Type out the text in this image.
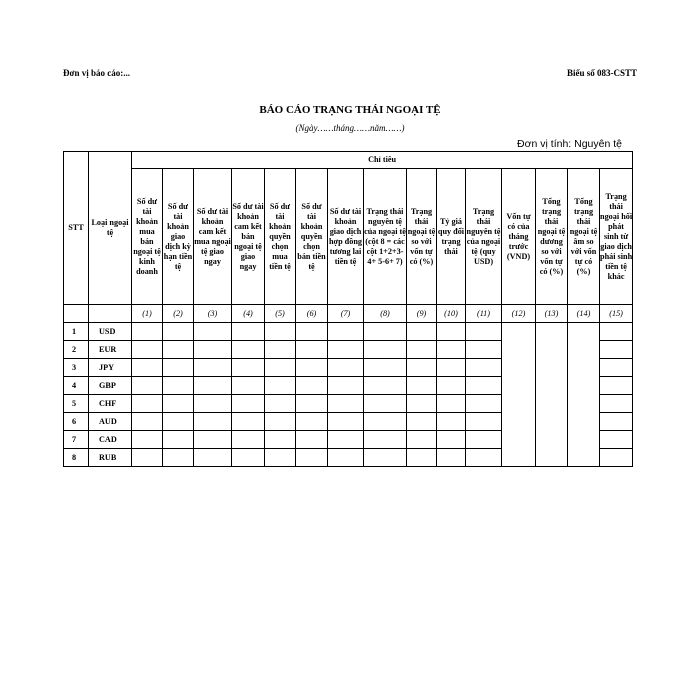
Đơn vị báo cáo:...	Biểu số 083-CSTT
BÁO CÁO TRẠNG THÁI NGOẠI TỆ
(Ngày……tháng……năm……)
Đơn vị tính: Nguyên tệ
STT	Loại ngoại tệ	Chỉ tiêu														
		Số dư tài khoản mua bán ngoại tệ kinh doanh	Số dư tài khoản giao dịch kỳ hạn tiền tệ	Số dư tài khoản cam kết mua ngoại tệ giao ngay	Số dư tài khoản cam kết bán ngoại tệ giao ngay	Số dư tài khoản quyền chọn mua tiền tệ	Số dư tài khoản quyền chọn bán tiền tệ	Số dư tài khoản giao dịch hợp đồng tương lai tiền tệ	Trạng thái nguyên tệ của ngoại tệ (cột 8 = các cột 1+2+3-4+ 5-6+ 7)	Trạng thái ngoại tệ so với vốn tự có (%)	Tỷ giá quy đổi trạng thái	Trạng thái nguyên tệ của ngoại tệ (quy USD)	Vốn tự có của tháng trước (VND)	Tổng trạng thái ngoại tệ dương so với vốn tự có (%)	Tổng trạng thái ngoại tệ âm so với vốn tự có (%)	Trạng thái ngoại hối phát sinh từ giao dịch phái sinh tiền tệ khác
		(1)	(2)	(3)	(4)	(5)	(6)	(7)	(8)	(9)	(10)	(11)	(12)	(13)	(14)	(15)
1	USD															
2	EUR															
3	JPY															
4	GBP															
5	CHF															
6	AUD															
7	CAD															
8	RUB															
